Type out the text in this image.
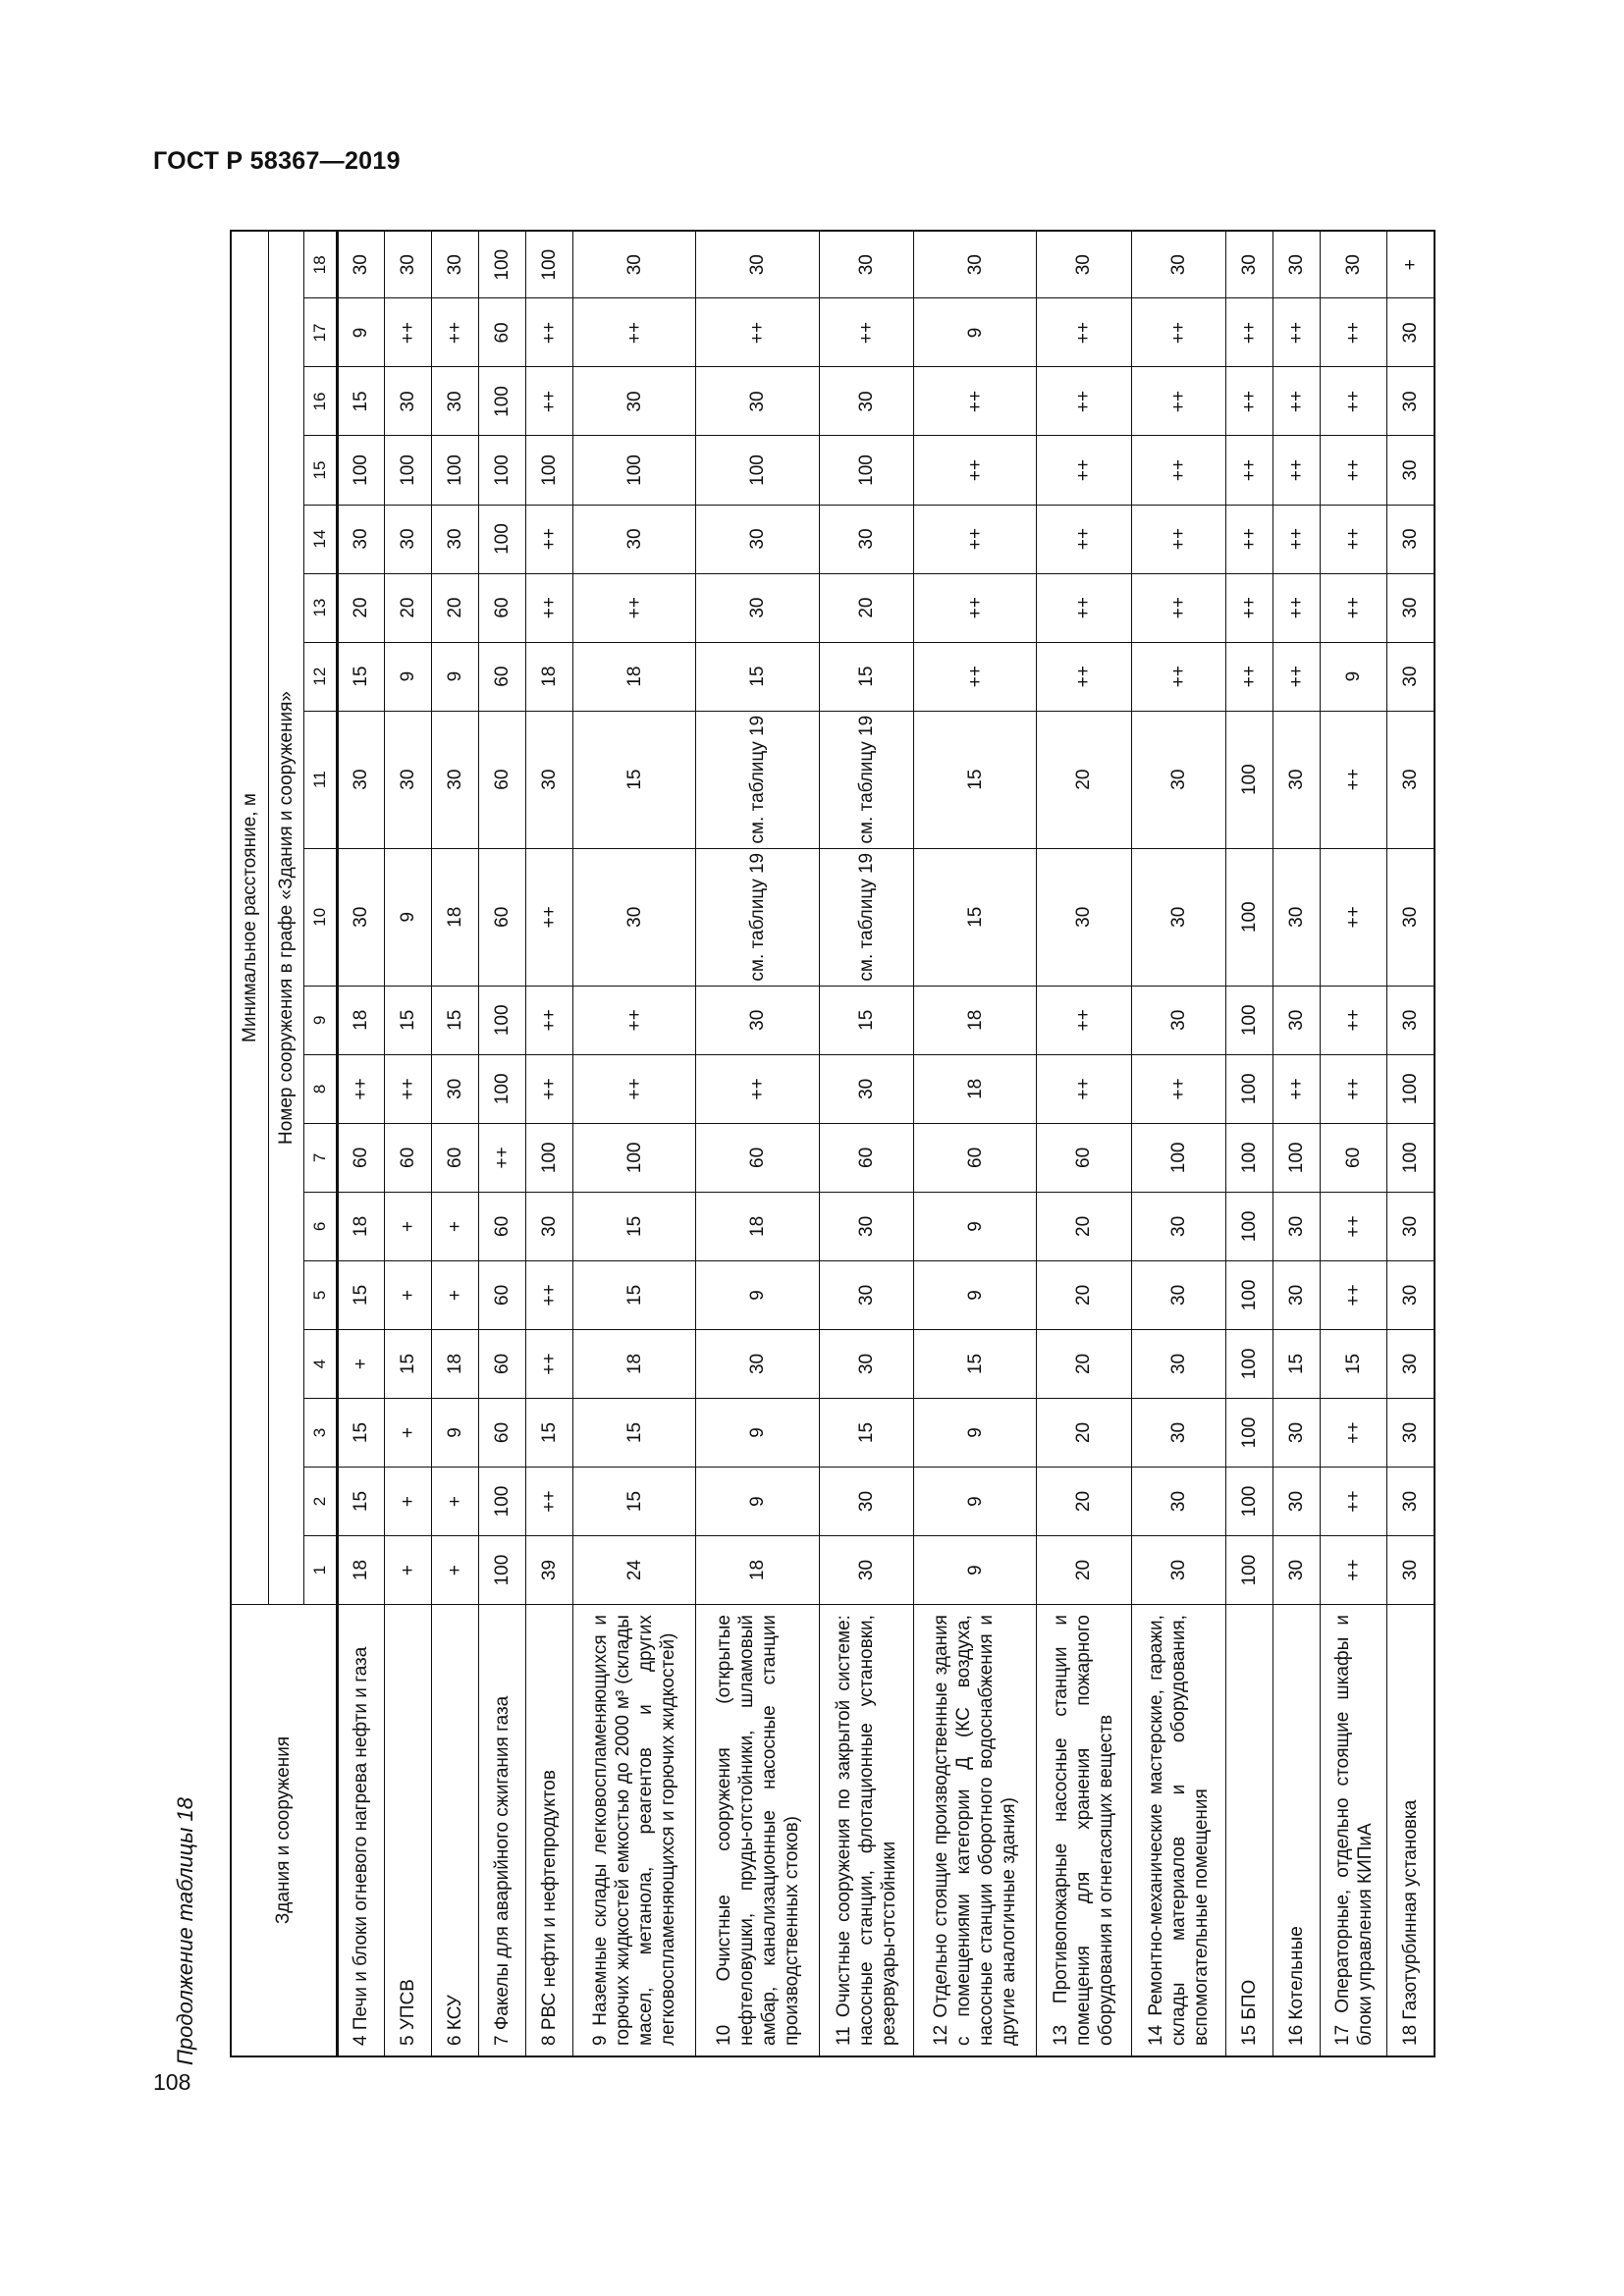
ГОСТ Р 58367—2019
Продолжение таблицы 18
108
Здания и сооружения	Минимальное расстояние, м																	
	Номер сооружения в графе «Здания и сооружения»																	
	1	2	3	4	5	6	7	8	9	10	11	12	13	14	15	16	17	18
4 Печи и блоки огневого нагрева нефти и газа	18	15	15	+	15	18	60	++	18	30	30	15	20	30	100	15	9	30
5 УПСВ	+	+	+	15	+	+	60	++	15	9	30	9	20	30	100	30	++	30
6 КСУ	+	+	9	18	+	+	60	30	15	18	30	9	20	30	100	30	++	30
7 Факелы для аварийного сжигания газа	100	100	60	60	60	60	++	100	100	60	60	60	60	100	100	100	60	100
8 РВС нефти и нефтепродуктов	39	++	15	++	++	30	100	++	++	++	30	18	++	++	100	++	++	100
9 Наземные склады легковоспламеняющихся и горючих жидкостей емкостью до 2000 м³ (склады масел, метанола, реагентов и других легковоспламеняющихся и горючих жидкостей)	24	15	15	18	15	15	100	++	++	30	15	18	++	30	100	30	++	30
10 Очистные сооружения (открытые нефтеловушки, пруды-отстойники, шламовый амбар, канализационные насосные станции производственных стоков)	18	9	9	30	9	18	60	++	30	см. таблицу 19	см. таблицу 19	15	30	30	100	30	++	30
11 Очистные сооружения по закрытой системе: насосные станции, флотационные установки, резервуары-отстойники	30	30	15	30	30	30	60	30	15	см. таблицу 19	см. таблицу 19	15	20	30	100	30	++	30
12 Отдельно стоящие производственные здания с помещениями категории Д (КС воздуха, насосные станции оборотного водоснабжения и другие аналогичные здания)	9	9	9	15	9	9	60	18	18	15	15	++	++	++	++	++	9	30
13 Противопожарные насосные станции и помещения для хранения пожарного оборудования и огнегасящих веществ	20	20	20	20	20	20	60	++	++	30	20	++	++	++	++	++	++	30
14 Ремонтно-механические мастерские, гаражи, склады материалов и оборудования, вспомогательные помещения	30	30	30	30	30	30	100	++	30	30	30	++	++	++	++	++	++	30
15 БПО	100	100	100	100	100	100	100	100	100	100	100	++	++	++	++	++	++	30
16 Котельные	30	30	30	15	30	30	100	++	30	30	30	++	++	++	++	++	++	30
17 Операторные, отдельно стоящие шкафы и блоки управления КИПиА	++	++	++	15	++	++	60	++	++	++	++	9	++	++	++	++	++	30
18 Газотурбинная установка	30	30	30	30	30	30	100	100	30	30	30	30	30	30	30	30	30	+
